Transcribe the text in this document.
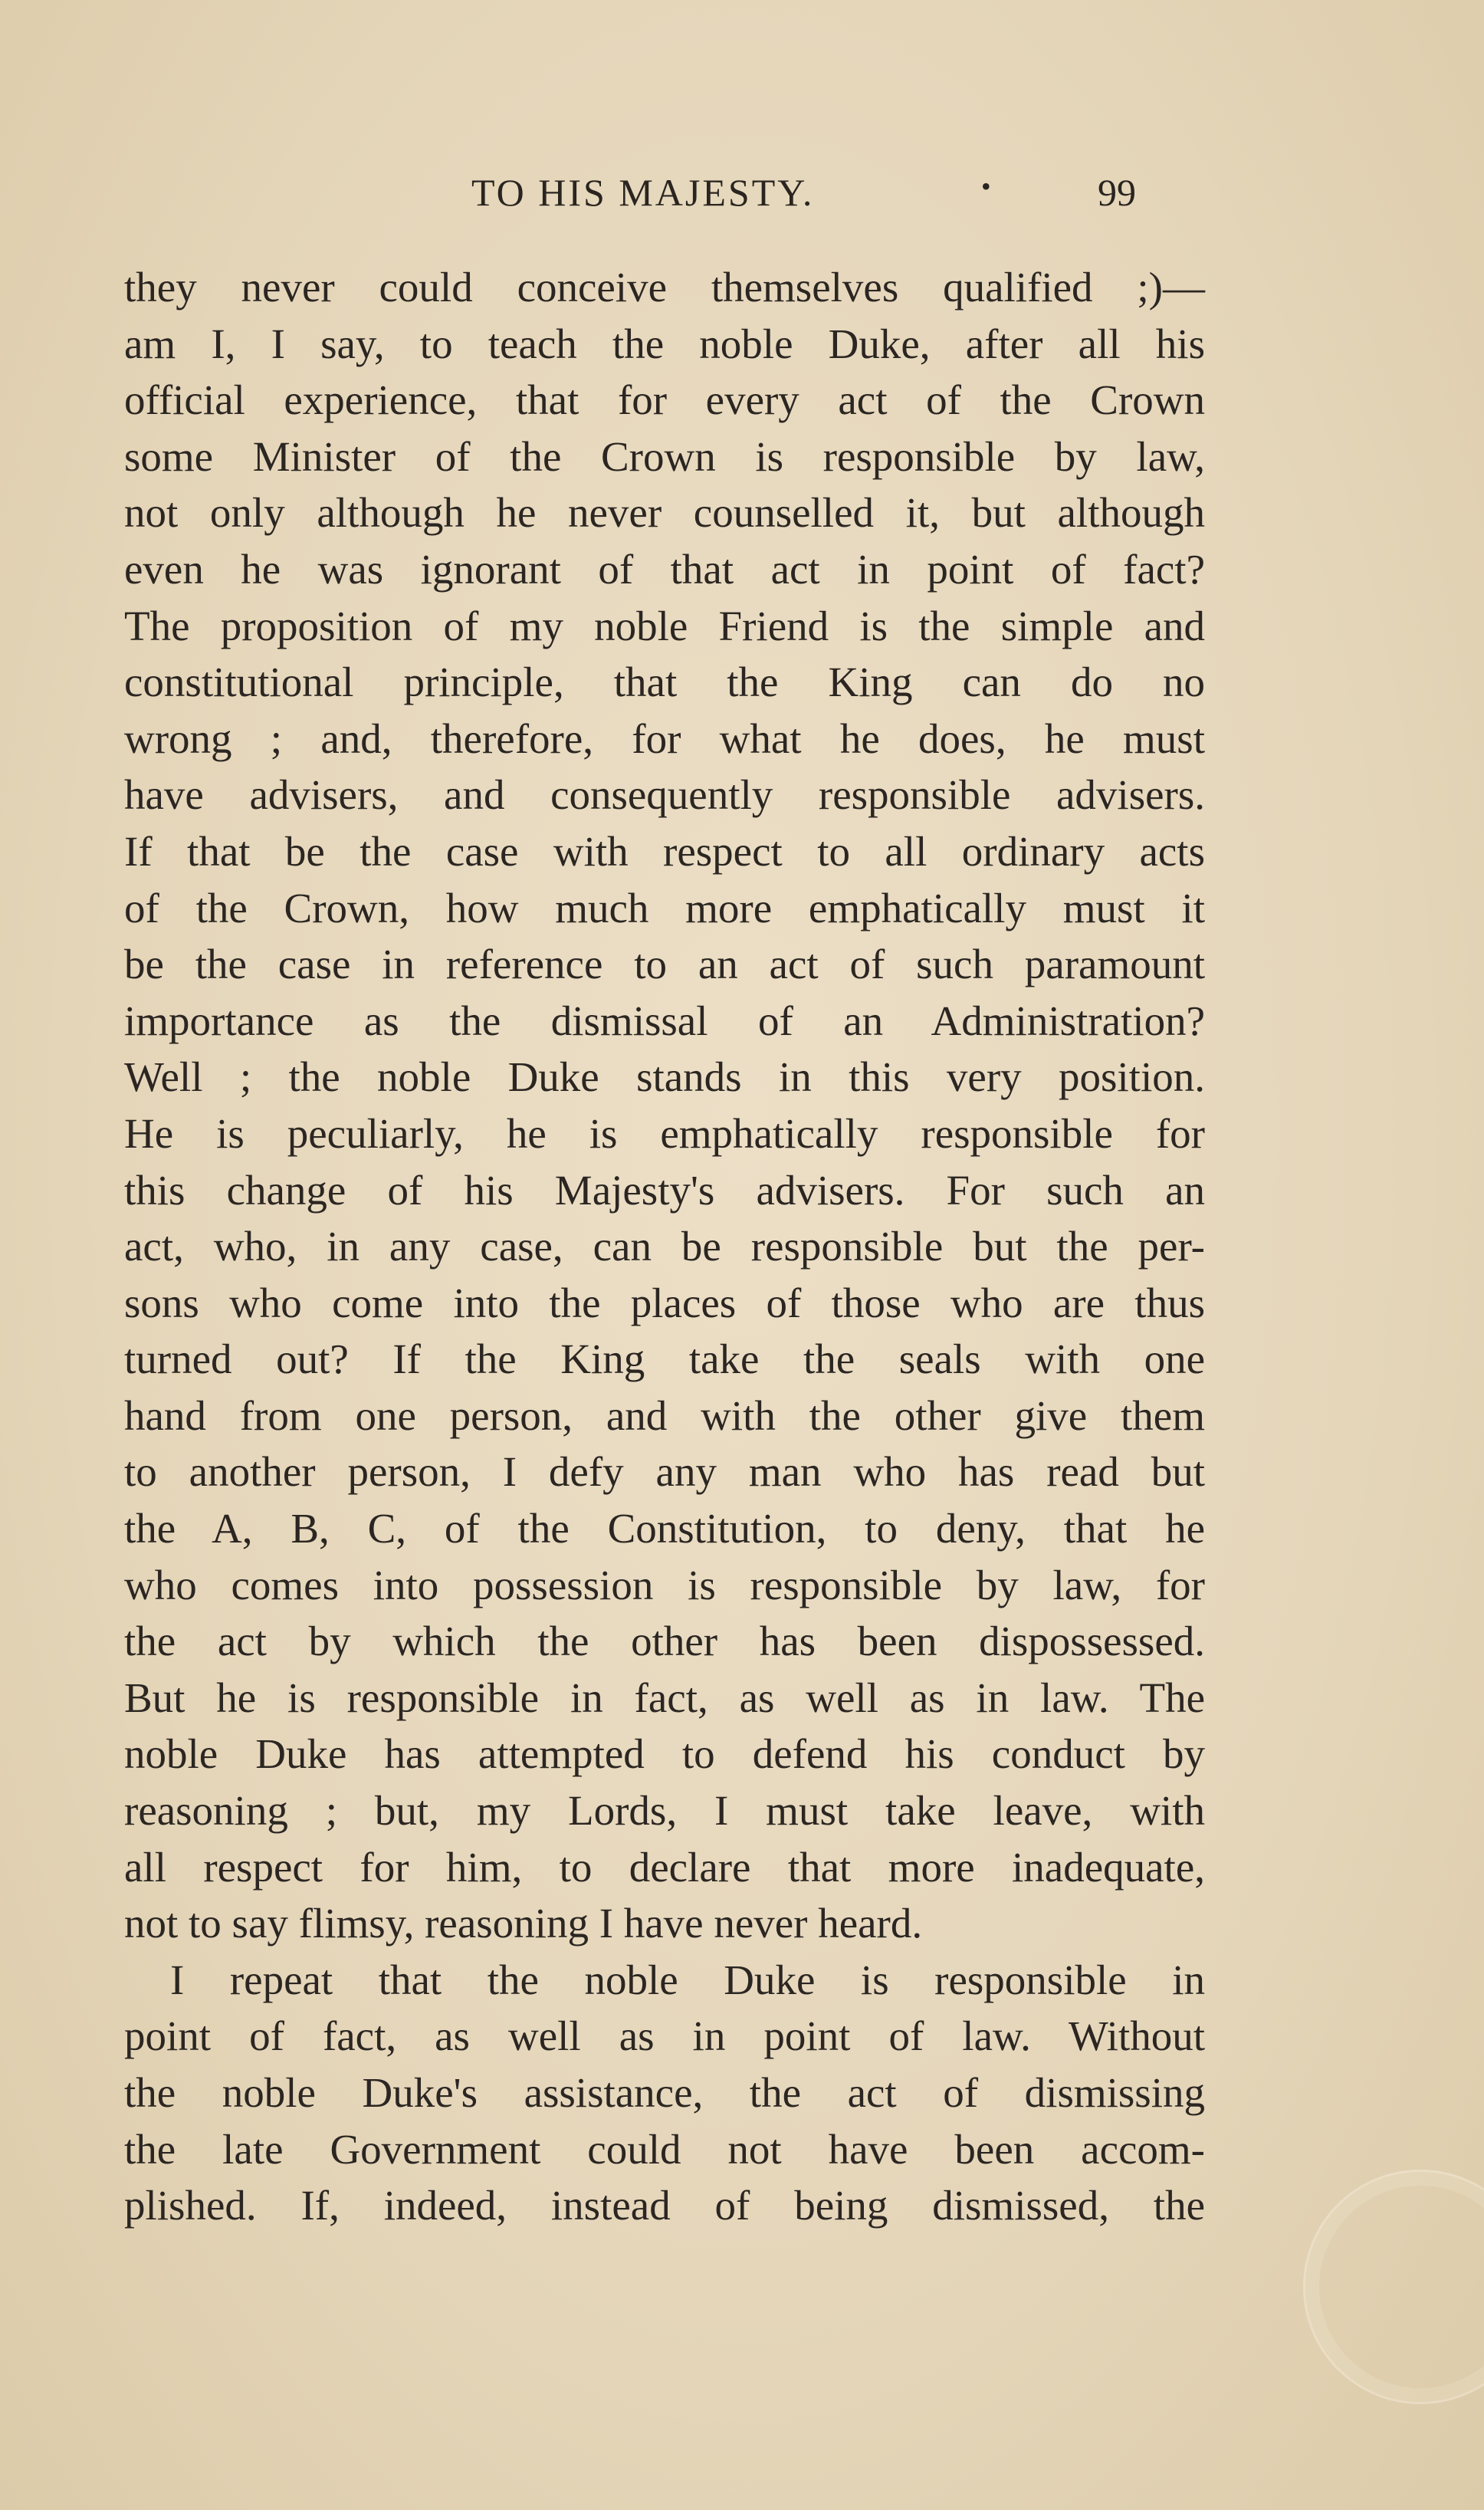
TO HIS MAJESTY.	•	99
they never could conceive themselves qualified ;)—
am I, I say, to teach the noble Duke, after all his
official experience, that for every act of the Crown
some Minister of the Crown is responsible by law,
not only although he never counselled it, but although
even he was ignorant of that act in point of fact?
The proposition of my noble Friend is the simple and
constitutional principle, that the King can do no
wrong ; and, therefore, for what he does, he must
have advisers, and consequently responsible advisers.
If that be the case with respect to all ordinary acts
of the Crown, how much more emphatically must it
be the case in reference to an act of such paramount
importance as the dismissal of an Administration?
Well ; the noble Duke stands in this very position.
He is peculiarly, he is emphatically responsible for
this change of his Majesty's advisers. For such an
act, who, in any case, can be responsible but the per-
sons who come into the places of those who are thus
turned out? If the King take the seals with one
hand from one person, and with the other give them
to another person, I defy any man who has read but
the A, B, C, of the Constitution, to deny, that he
who comes into possession is responsible by law, for
the act by which the other has been dispossessed.
But he is responsible in fact, as well as in law. The
noble Duke has attempted to defend his conduct by
reasoning ; but, my Lords, I must take leave, with
all respect for him, to declare that more inadequate,
not to say flimsy, reasoning I have never heard.
I repeat that the noble Duke is responsible in
point of fact, as well as in point of law. Without
the noble Duke's assistance, the act of dismissing
the late Government could not have been accom-
plished. If, indeed, instead of being dismissed, the
